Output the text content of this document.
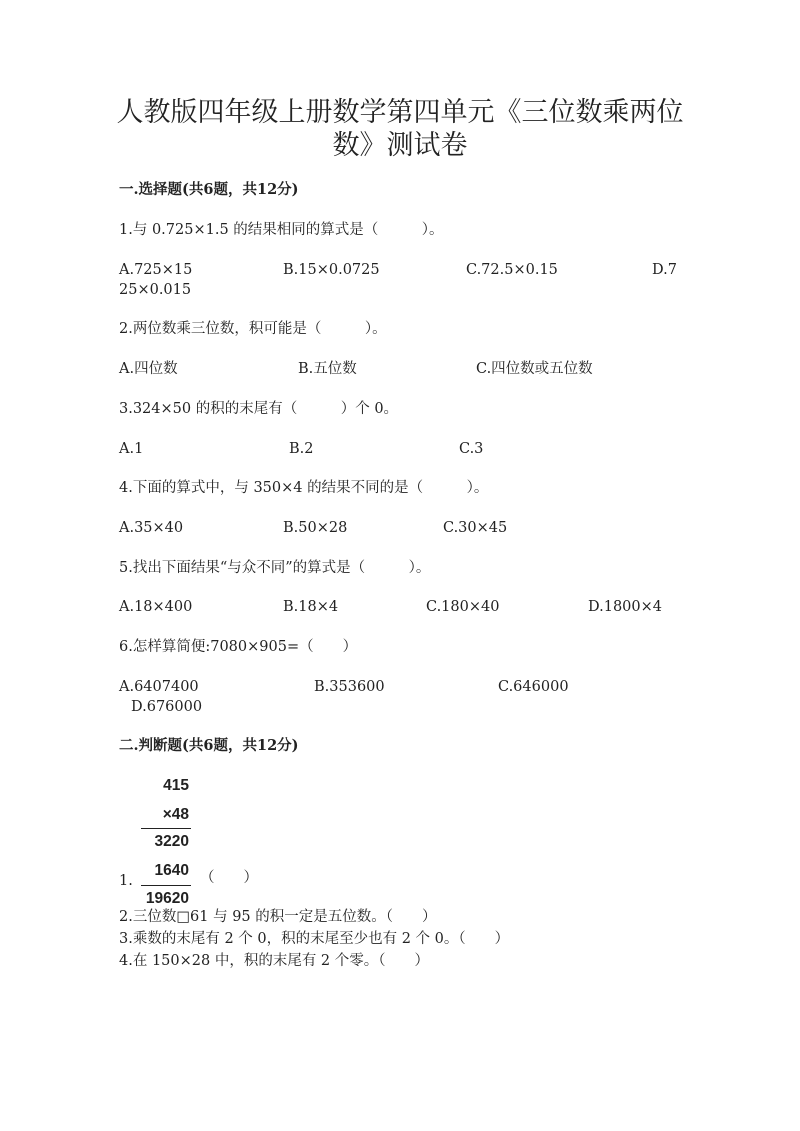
人教版四年级上册数学第四单元《三位数乘两位
数》测试卷
一.选择题(共6题，共12分)
1.与 0.725×1.5 的结果相同的算式是（　　　）。
A.725×15	B.15×0.0725	C.72.5×0.15	D.7
25×0.015
2.两位数乘三位数，积可能是（　　　）。
A.四位数	B.五位数	C.四位数或五位数
3.324×50 的积的末尾有（　　　）个 0。
A.1	B.2	C.3
4.下面的算式中，与 350×4 的结果不同的是（　　　）。
A.35×40	B.50×28	C.30×45
5.找出下面结果“与众不同”的算式是（　　　）。
A.18×400	B.18×4	C.180×40	D.1800×4
6.怎样算简便:7080×905=（　　）
A.6407400	B.353600	C.646000
D.676000
二.判断题(共6题，共12分)
415
×48
3220
1640
19620
1.	（　　）
2.三位数□61 与 95 的积一定是五位数。（　　）
3.乘数的末尾有 2 个 0，积的末尾至少也有 2 个 0。（　　）
4.在 150×28 中，积的末尾有 2 个零。（　　）
